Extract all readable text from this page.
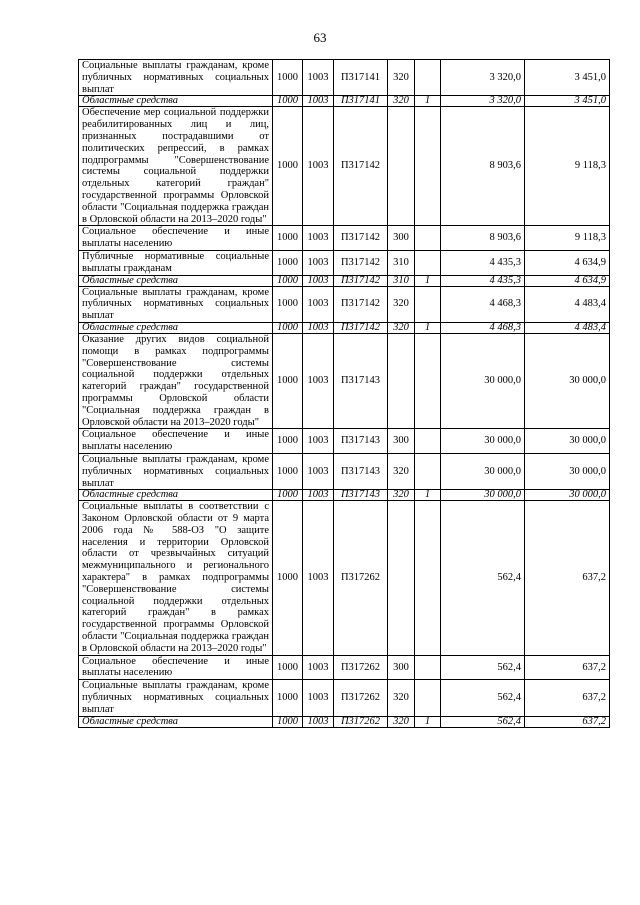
63
Социальные выплаты гражданам, кроме публичных нормативных социальных выплат	1000	1003	П317141	320		3 320,0	3 451,0
Областные средства	1000	1003	П317141	320	1	3 320,0	3 451,0
Обеспечение мер социальной поддержки реабилитированных лиц и лиц, признанных пострадавшими от политических репрессий, в рамках подпрограммы "Совершенствование системы социальной поддержки отдельных категорий граждан" государственной программы Орловской области "Социальная поддержка граждан в Орловской области на 2013–2020 годы"	1000	1003	П317142			8 903,6	9 118,3
Социальное обеспечение и иные выплаты населению	1000	1003	П317142	300		8 903,6	9 118,3
Публичные нормативные социальные выплаты гражданам	1000	1003	П317142	310		4 435,3	4 634,9
Областные средства	1000	1003	П317142	310	1	4 435,3	4 634,9
Социальные выплаты гражданам, кроме публичных нормативных социальных выплат	1000	1003	П317142	320		4 468,3	4 483,4
Областные средства	1000	1003	П317142	320	1	4 468,3	4 483,4
Оказание других видов социальной помощи в рамках подпрограммы "Совершенствование системы социальной поддержки отдельных категорий граждан" государственной программы Орловской области "Социальная поддержка граждан в Орловской области на 2013–2020 годы"	1000	1003	П317143			30 000,0	30 000,0
Социальное обеспечение и иные выплаты населению	1000	1003	П317143	300		30 000,0	30 000,0
Социальные выплаты гражданам, кроме публичных нормативных социальных выплат	1000	1003	П317143	320		30 000,0	30 000,0
Областные средства	1000	1003	П317143	320	1	30 000,0	30 000,0
Социальные выплаты в соответствии с Законом Орловской области от 9 марта 2006 года № 588-ОЗ "О защите населения и территории Орловской области от чрезвычайных ситуаций межмуниципального и регионального характера" в рамках подпрограммы "Совершенствование системы социальной поддержки отдельных категорий граждан" в рамках государственной программы Орловской области "Социальная поддержка граждан в Орловской области на 2013–2020 годы"	1000	1003	П317262			562,4	637,2
Социальное обеспечение и иные выплаты населению	1000	1003	П317262	300		562,4	637,2
Социальные выплаты гражданам, кроме публичных нормативных социальных выплат	1000	1003	П317262	320		562,4	637,2
Областные средства	1000	1003	П317262	320	1	562,4	637,2
